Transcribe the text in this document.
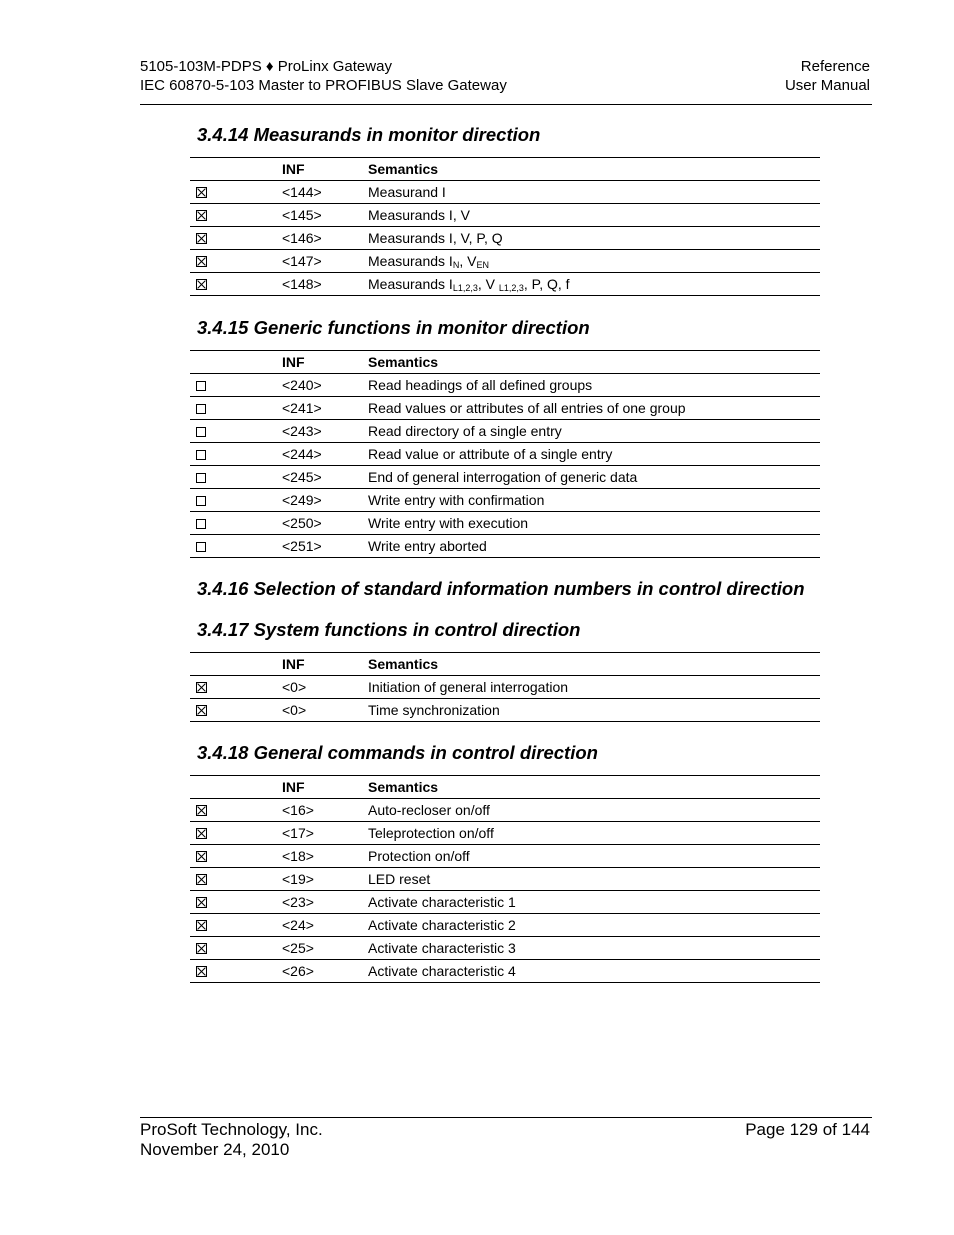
5105-103M-PDPS ♦ ProLinx Gateway
IEC 60870-5-103 Master to PROFIBUS Slave Gateway
Reference
User Manual
3.4.14 Measurands in monitor direction
	INF	Semantics
	<144>	Measurand I
	<145>	Measurands I, V
	<146>	Measurands I, V, P, Q
	<147>	Measurands $I_N$, $V_{EN}$
	<148>	Measurands $I_{L1,2,3}$, V $_{L1,2,3}$, P, Q, f
3.4.15 Generic functions in monitor direction
	INF	Semantics
	<240>	Read headings of all defined groups
	<241>	Read values or attributes of all entries of one group
	<243>	Read directory of a single entry
	<244>	Read value or attribute of a single entry
	<245>	End of general interrogation of generic data
	<249>	Write entry with confirmation
	<250>	Write entry with execution
	<251>	Write entry aborted
3.4.16 Selection of standard information numbers in control direction
3.4.17 System functions in control direction
	INF	Semantics
	<0>	Initiation of general interrogation
	<0>	Time synchronization
3.4.18 General commands in control direction
	INF	Semantics
	<16>	Auto-recloser on/off
	<17>	Teleprotection on/off
	<18>	Protection on/off
	<19>	LED reset
	<23>	Activate characteristic 1
	<24>	Activate characteristic 2
	<25>	Activate characteristic 3
	<26>	Activate characteristic 4
ProSoft Technology, Inc.
November 24, 2010
Page 129 of 144
